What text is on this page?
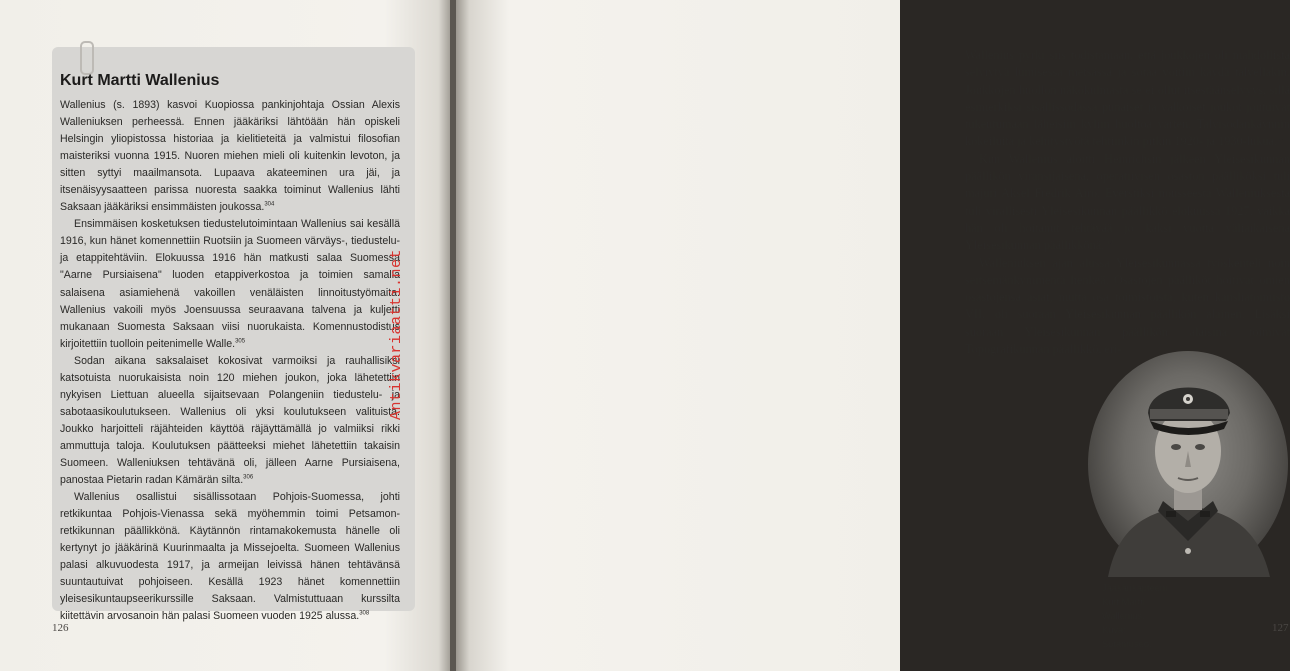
Kurt Martti Wallenius

Wallenius (s. 1893) kasvoi Kuopiossa pankinjohtaja Ossian Alexis Walleniuksen perheessä. Ennen jääkäriksi lähtöään hän opiskeli Helsingin yliopistossa historiaa ja kielitieteitä ja valmistui filosofian maisteriksi vuonna 1915. Nuoren miehen mieli oli kuitenkin levoton, ja sitten syttyi maailmansota. Lupaava akateeminen ura jäi, ja itsenäisyysaatteen parissa nuoresta saakka toiminut Wallenius lähti Saksaan jääkäriksi ensimmäisten joukossa.$^{304}$

Ensimmäisen kosketuksen tiedustelutoimintaan Wallenius sai kesällä 1916, kun hänet komennettiin Ruotsiin ja Suomeen värväys-, tiedustelu- ja etappitehtäviin. Elokuussa 1916 hän matkusti salaa Suomessa "Aarne Pursiaisena" luoden etappiverkostoa ja toimien samalla salaisena asiamiehenä vakoillen venäläisten linnoitustyömaita. Wallenius vakoili myös Joensuussa seuraavana talvena ja kuljetti mukanaan Suomesta Saksaan viisi nuorukaista. Komennustodistus kirjoitettiin tuolloin peitenimelle Walle.$^{305}$

Sodan aikana saksalaiset kokosivat varmoiksi ja rauhallisiksi katsotuista nuorukaisista noin 120 miehen joukon, joka lähetettiin nykyisen Liettuan alueella sijaitsevaan Polangeniin tiedustelu- ja sabotaasikoulutukseen. Wallenius oli yksi koulutukseen valituista. Joukko harjoitteli räjähteiden käyttöä räjäyttämällä jo valmiiksi rikki ammuttuja taloja. Koulutuksen päätteeksi miehet lähetettiin takaisin Suomeen. Walleniuksen tehtävänä oli, jälleen Aarne Pursiaisena, panostaa Pietarin radan Kämärän silta.$^{306}$

Wallenius osallistui sisällissotaan Pohjois-Suomessa, johti retkikuntaa Pohjois-Vienassa sekä myöhemmin toimi Petsamon-retkikunnan päällikkönä. Käytännön rintamakokemusta hänelle oli kertynyt jo jääkärinä Kuurinmaalta ja Missejoelta. Suomeen Wallenius palasi alkuvuodesta 1917, ja armeijan leivissä hänen tehtävänsä suuntautuivat pohjoiseen. Kesällä 1923 hänet komennettiin yleisesikuntaupseerikurssille Saksaan. Valmistuttuaan kurssilta kiitettävin arvosanoin hän palasi Suomeen vuoden 1925 alussa.$^{308}$

Antikvariaatti.net
126

Wallenius pyrki siis todistamaan, että joukkojen oli mahdollista selviytyä lumisessa metsässä ja sotaa voitiin käydä talvellakin. Joukkojen huollon näkökulmasta se ei ollut itsestäänselvyys, sillä esimerkiksi sisällissodassa punaiset ja valkoiset joukot joutuivat tukeutumaan läheisiin kyliin huoltoa varten. Talvisodankäynnin kokeiluita ja kehitystyötä tehtiinkin pitkin 1920- ja 1930-lukua.$^{309}$

Kun Wallenius aloitti Heinrichsin jälkeen Yleisesikunnan päällikön viransijaisena, operatiivisen osaston päälliköksi tuli majuri Aksel Fredrik Airo. Everstiksi nousseesta Walleniuksesta tuli virallisesti Yleisesikunnan päällikkö elokuussa 1927, vaikka hän oli hoitanut tehtävää jo kaksi vuotta väliaikaisena Yleisesikunnan päällikkönä.$^{310}$

Walleniuksen ajan alussa Yleisesikunnassa työskenteli noin seitsemänkymmentä henkeä. Osastojen päälliköt hoitivat omien osastojensa asiat, mutta osa toimistoista, kuten kansliatoimisto VII, oli suoraan Yleisesikunnan päällikön alainen. Lisäksi suoraan Yleisesikunnan päällikön alaisina toimivat Topografikunnan päällikkö, eri-

Jääkärikapteeni Kurt Martti Wallenius.
Kuva: Sotamuseo.

127
